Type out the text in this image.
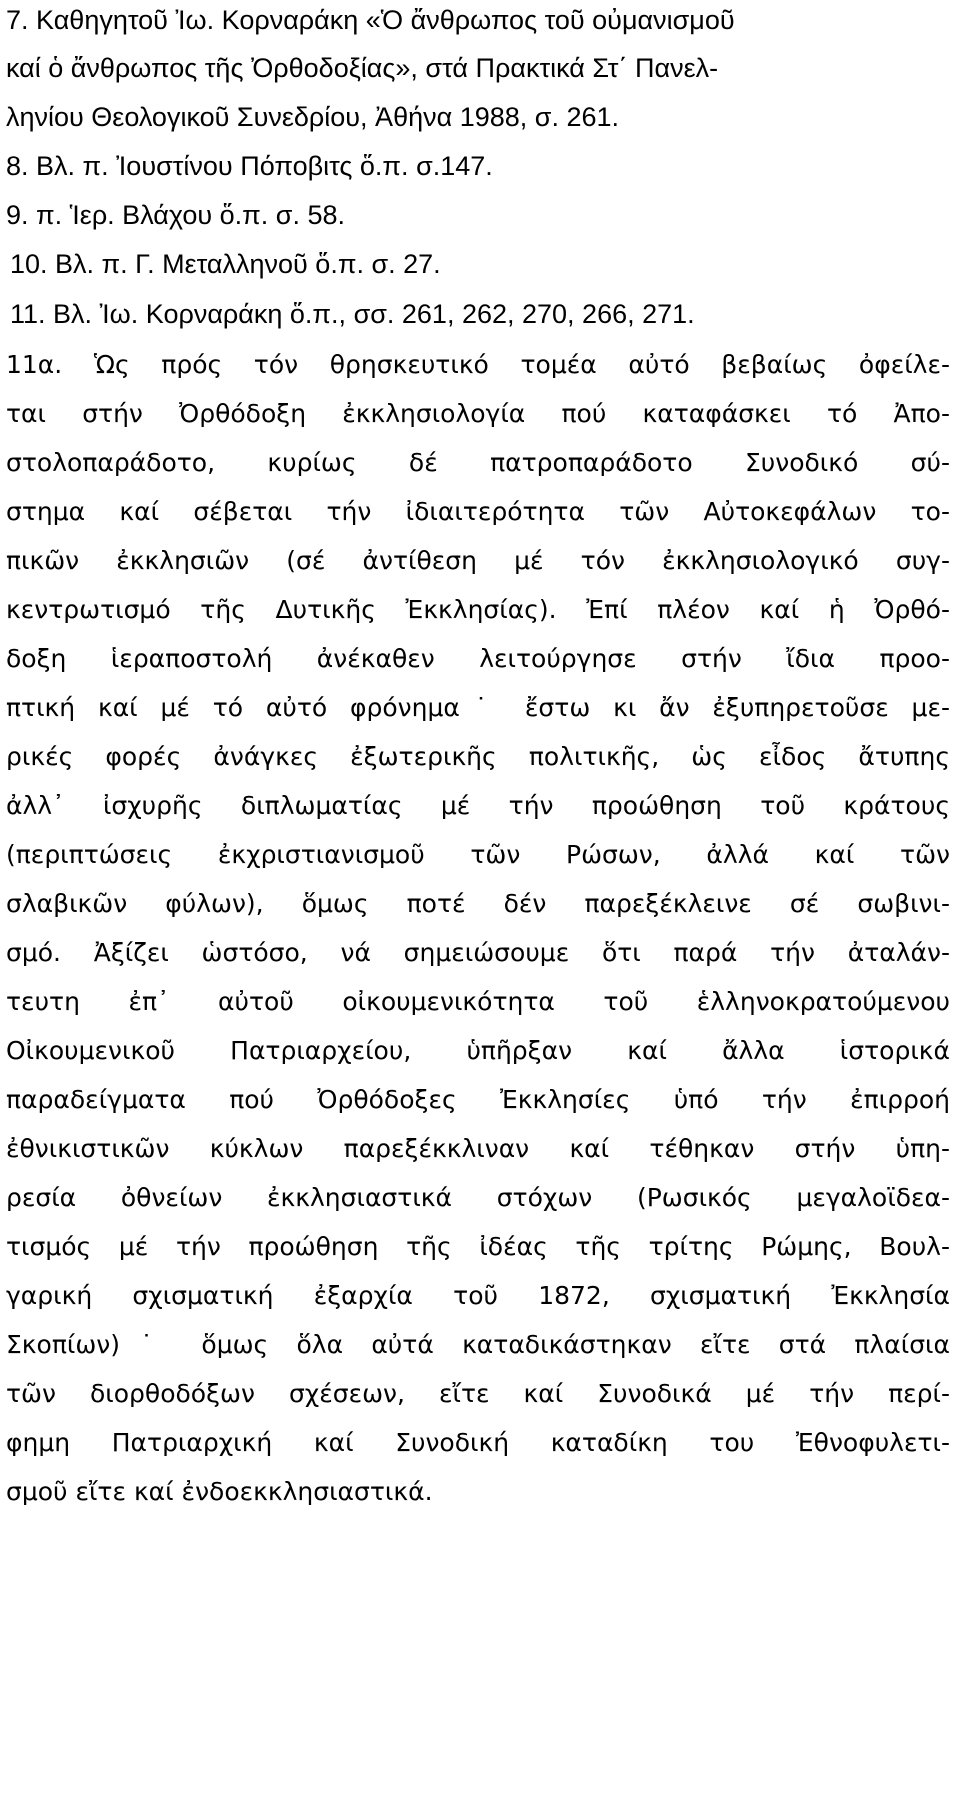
7. Καθηγητοῦ Ἰω. Κορναράκη «Ὁ ἄνθρωπος τοῦ οὐμανισμοῦ
καί ὁ ἄνθρωπος τῆς Ὀρθοδοξίας», στά Πρακτικά Στ΄ Πανελ-
ληνίου Θεολογικοῦ Συνεδρίου, Ἀθήνα 1988, σ. 261.
8. Βλ. π. Ἰουστίνου Πόποβιτς ὅ.π. σ.147.
9. π. Ἱερ. Βλάχου ὅ.π. σ. 58.
10. Βλ. π. Γ. Μεταλληνοῦ ὅ.π. σ. 27.
11. Βλ. Ἰω. Κορναράκη ὅ.π., σσ. 261, 262, 270, 266, 271.
11α. Ὡς πρός τόν θρησκευτικό τομέα αὐτό βεβαίως ὀφείλε-
ται στήν Ὀρθόδοξη ἐκκλησιολογία πού καταφάσκει τό Ἀπο-
στολοπαράδοτο, κυρίως δέ πατροπαράδοτο Συνοδικό σύ-
στημα καί σέβεται τήν ἰδιαιτερότητα τῶν Αὐτοκεφάλων το-
πικῶν ἐκκλησιῶν (σέ ἀντίθεση μέ τόν ἐκκλησιολογικό συγ-
κεντρωτισμό τῆς Δυτικῆς Ἐκκλησίας). Ἐπί πλέον καί ἡ Ὀρθό-
δοξη ἱεραποστολή ἀνέκαθεν λειτούργησε στήν ἴδια προο-
πτική καί μέ τό αὐτό φρόνημα˙ ἔστω κι ἄν ἐξυπηρετοῦσε με-
ρικές φορές ἀνάγκες ἐξωτερικῆς πολιτικῆς, ὡς εἶδος ἄτυπης
ἀλλ᾽ ἰσχυρῆς διπλωματίας μέ τήν προώθηση τοῦ κράτους
(περιπτώσεις ἐκχριστιανισμοῦ τῶν Ρώσων, ἀλλά καί τῶν
σλαβικῶν φύλων), ὅμως ποτέ δέν παρεξέκλεινε σέ σωβινι-
σμό. Ἀξίζει ὡστόσο, νά σημειώσουμε ὅτι παρά τήν ἀταλάν-
τευτη ἐπ᾽ αὐτοῦ οἰκουμενικότητα τοῦ ἑλληνοκρατούμενου
Οἰκουμενικοῦ Πατριαρχείου, ὑπῆρξαν καί ἄλλα ἱστορικά
παραδείγματα πού Ὀρθόδοξες Ἐκκλησίες ὑπό τήν ἐπιρροή
ἐθνικιστικῶν κύκλων παρεξέκκλιναν καί τέθηκαν στήν ὑπη-
ρεσία ὀθνείων ἐκκλησιαστικά στόχων (Ρωσικός μεγαλοϊδεα-
τισμός μέ τήν προώθηση τῆς ἰδέας τῆς τρίτης Ρώμης, Βουλ-
γαρική σχισματική ἐξαρχία τοῦ 1872, σχισματική Ἐκκλησία
Σκοπίων)˙ ὅμως ὅλα αὐτά καταδικάστηκαν εἴτε στά πλαίσια
τῶν διορθοδόξων σχέσεων, εἴτε καί Συνοδικά μέ τήν περί-
φημη Πατριαρχική καί Συνοδική καταδίκη του Ἐθνοφυλετι-
σμοῦ εἴτε καί ἐνδοεκκλησιαστικά.
